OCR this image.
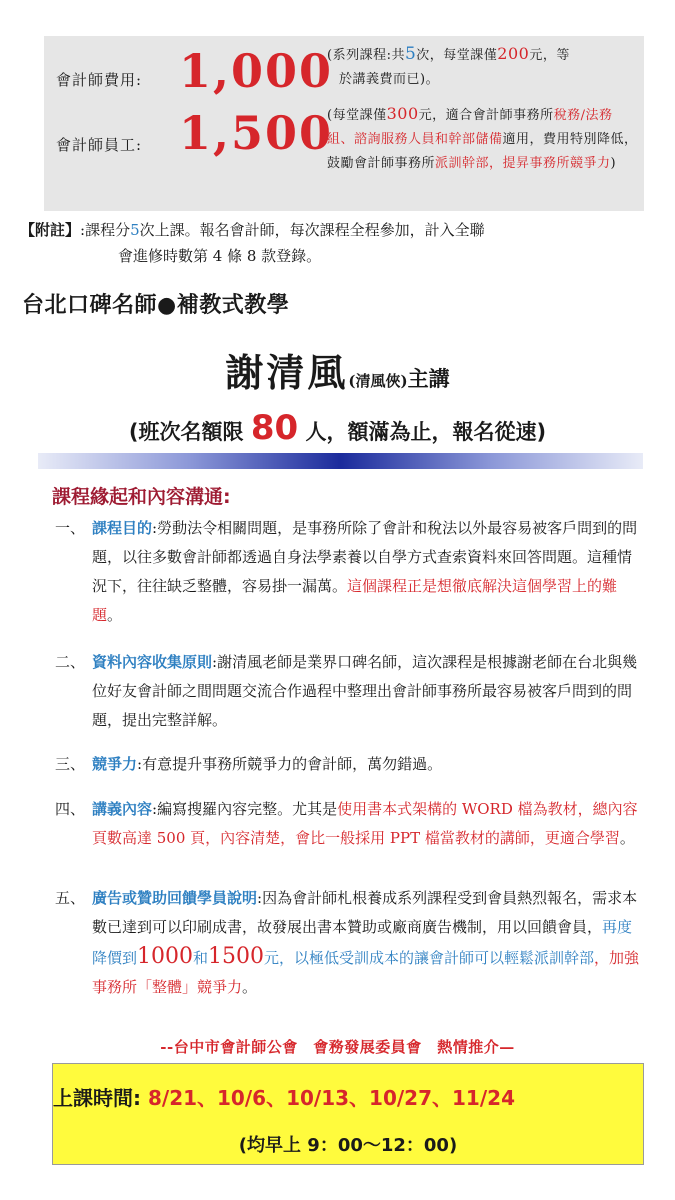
會計師費用: 1,000
(系列課程:共5次，每堂課僅200元，等
於講義費而已)。
會計師員工: 1,500
(每堂課僅300元，適合會計師事務所稅務/法務組、諮詢服務人員和幹部儲備適用，費用特別降低，鼓勵會計師事務所派訓幹部，提昇事務所競爭力)
【附註】:課程分5次上課。報名會計師，每次課程全程參加，計入全聯
會進修時數第 4 條 8 款登錄。
台北口碑名師●補教式教學
謝清風(清風俠)主講
(班次名額限 80 人，額滿為止，報名從速)
課程緣起和內容溝通:
一、 課程目的:勞動法令相關問題，是事務所除了會計和稅法以外最容易被客戶問到的問題，以往多數會計師都透過自身法學素養以自學方式查索資料來回答問題。這種情況下，往往缺乏整體，容易掛一漏萬。這個課程正是想徹底解決這個學習上的難題。
二、 資料內容收集原則:謝清風老師是業界口碑名師，這次課程是根據謝老師在台北與幾位好友會計師之間問題交流合作過程中整理出會計師事務所最容易被客戶問到的問題，提出完整詳解。
三、 競爭力:有意提升事務所競爭力的會計師，萬勿錯過。
四、 講義內容:編寫搜羅內容完整。尤其是使用書本式架構的 WORD 檔為教材，總內容頁數高達 500 頁，內容清楚，會比一般採用 PPT 檔當教材的講師，更適合學習。
五、 廣告或贊助回饋學員說明:因為會計師札根養成系列課程受到會員熱烈報名，需求本數已達到可以印刷成書，故發展出書本贊助或廠商廣告機制，用以回饋會員，再度降價到1000和1500元，以極低受訓成本的讓會計師可以輕鬆派訓幹部，加強事務所「整體」競爭力。
--台中市會計師公會　會務發展委員會　熱情推介—
上課時間: 8/21、10/6、10/13、10/27、11/24
(均早上 9：00～12：00)
